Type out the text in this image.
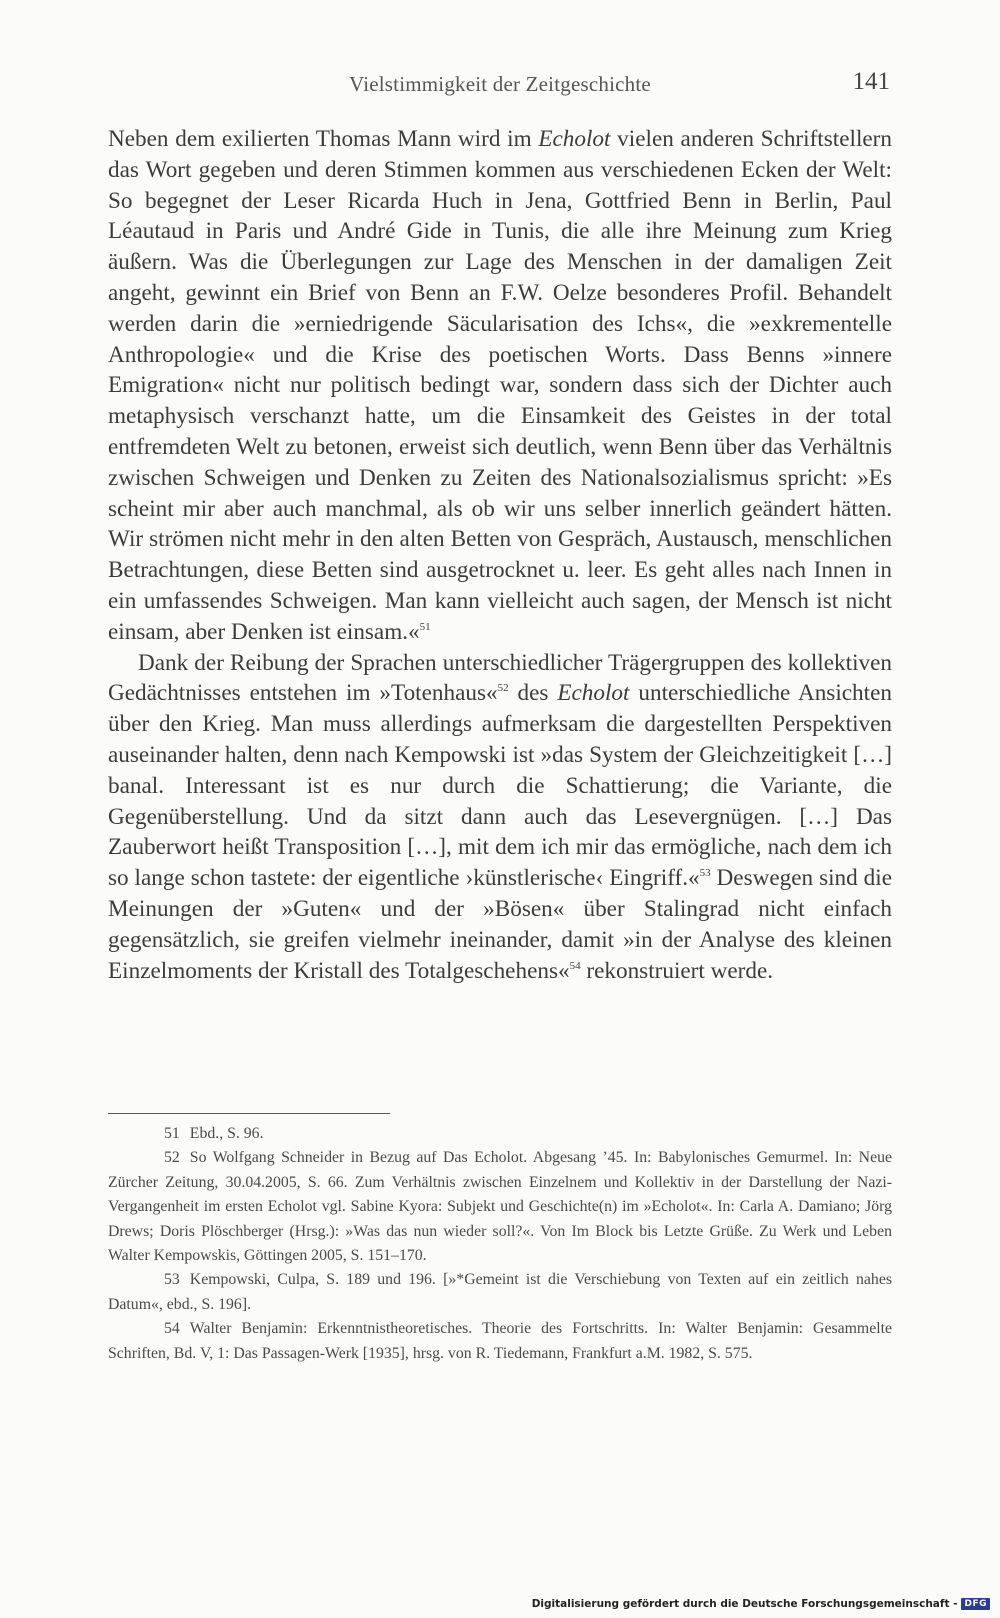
Vielstimmigkeit der Zeitgeschichte	141

Neben dem exilierten Thomas Mann wird im Echolot vielen anderen Schriftstellern das Wort gegeben und deren Stimmen kommen aus verschiedenen Ecken der Welt: So begegnet der Leser Ricarda Huch in Jena, Gottfried Benn in Berlin, Paul Léautaud in Paris und André Gide in Tunis, die alle ihre Meinung zum Krieg äußern. Was die Überlegungen zur Lage des Menschen in der damaligen Zeit angeht, gewinnt ein Brief von Benn an F.W. Oelze besonderes Profil. Behandelt werden darin die »erniedrigende Säcularisation des Ichs«, die »exkrementelle Anthropologie« und die Krise des poetischen Worts. Dass Benns »innere Emigration« nicht nur politisch bedingt war, sondern dass sich der Dichter auch metaphysisch verschanzt hatte, um die Einsamkeit des Geistes in der total entfremdeten Welt zu betonen, erweist sich deutlich, wenn Benn über das Verhältnis zwischen Schweigen und Denken zu Zeiten des Nationalsozialismus spricht: »Es scheint mir aber auch manchmal, als ob wir uns selber innerlich geändert hätten. Wir strömen nicht mehr in den alten Betten von Gespräch, Austausch, menschlichen Betrachtungen, diese Betten sind ausgetrocknet u. leer. Es geht alles nach Innen in ein umfassendes Schweigen. Man kann vielleicht auch sagen, der Mensch ist nicht einsam, aber Denken ist einsam.«$^{51}$

Dank der Reibung der Sprachen unterschiedlicher Trägergruppen des kollektiven Gedächtnisses entstehen im »Totenhaus«$^{52}$ des Echolot unterschiedliche Ansichten über den Krieg. Man muss allerdings aufmerksam die dargestellten Perspektiven auseinander halten, denn nach Kempowski ist »das System der Gleichzeitigkeit […] banal. Interessant ist es nur durch die Schattierung; die Variante, die Gegenüberstellung. Und da sitzt dann auch das Lesevergnügen. […] Das Zauberwort heißt Transposition […], mit dem ich mir das ermögliche, nach dem ich so lange schon tastete: der eigentliche ›künstlerische‹ Eingriff.«$^{53}$ Deswegen sind die Meinungen der »Guten« und der »Bösen« über Stalingrad nicht einfach gegensätzlich, sie greifen vielmehr ineinander, damit »in der Analyse des kleinen Einzelmoments der Kristall des Totalgeschehens«$^{54}$ rekonstruiert werde.

51 Ebd., S. 96.

52 So Wolfgang Schneider in Bezug auf Das Echolot. Abgesang ’45. In: Babylonisches Gemurmel. In: Neue Zürcher Zeitung, 30.04.2005, S. 66. Zum Verhältnis zwischen Einzelnem und Kollektiv in der Darstellung der Nazi-Vergangenheit im ersten Echolot vgl. Sabine Kyora: Subjekt und Geschichte(n) im »Echolot«. In: Carla A. Damiano; Jörg Drews; Doris Plöschberger (Hrsg.): »Was das nun wieder soll?«. Von Im Block bis Letzte Grüße. Zu Werk und Leben Walter Kempowskis, Göttingen 2005, S. 151–170.

53 Kempowski, Culpa, S. 189 und 196. [»*Gemeint ist die Verschiebung von Texten auf ein zeitlich nahes Datum«, ebd., S. 196].

54 Walter Benjamin: Erkenntnistheoretisches. Theorie des Fortschritts. In: Walter Benjamin: Gesammelte Schriften, Bd. V, 1: Das Passagen-Werk [1935], hrsg. von R. Tiedemann, Frankfurt a.M. 1982, S. 575.

Digitalisierung gefördert durch die Deutsche Forschungsgemeinschaft - DFG
